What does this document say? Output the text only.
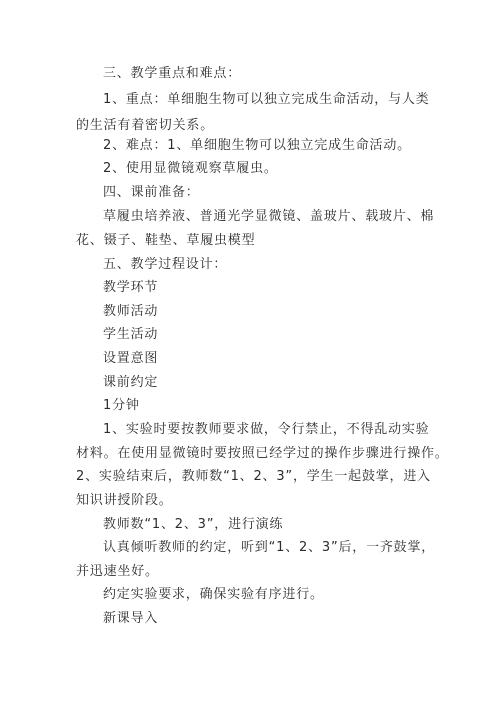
三、教学重点和难点：
1、重点：单细胞生物可以独立完成生命活动，与人类
的生活有着密切关系。
2、难点：1、单细胞生物可以独立完成生命活动。
2、使用显微镜观察草履虫。
四、课前准备：
草履虫培养液、普通光学显微镜、盖玻片、载玻片、棉
花、镊子、鞋垫、草履虫模型
五、教学过程设计：
教学环节
教师活动
学生活动
设置意图
课前约定
1分钟
1、实验时要按教师要求做，令行禁止，不得乱动实验
材料。在使用显微镜时要按照已经学过的操作步骤进行操作。
2、实验结束后，教师数“1、2、3”，学生一起鼓掌，进入
知识讲授阶段。
教师数“1、2、3”，进行演练
认真倾听教师的约定，听到“1、2、3”后，一齐鼓掌，
并迅速坐好。
约定实验要求，确保实验有序进行。
新课导入
